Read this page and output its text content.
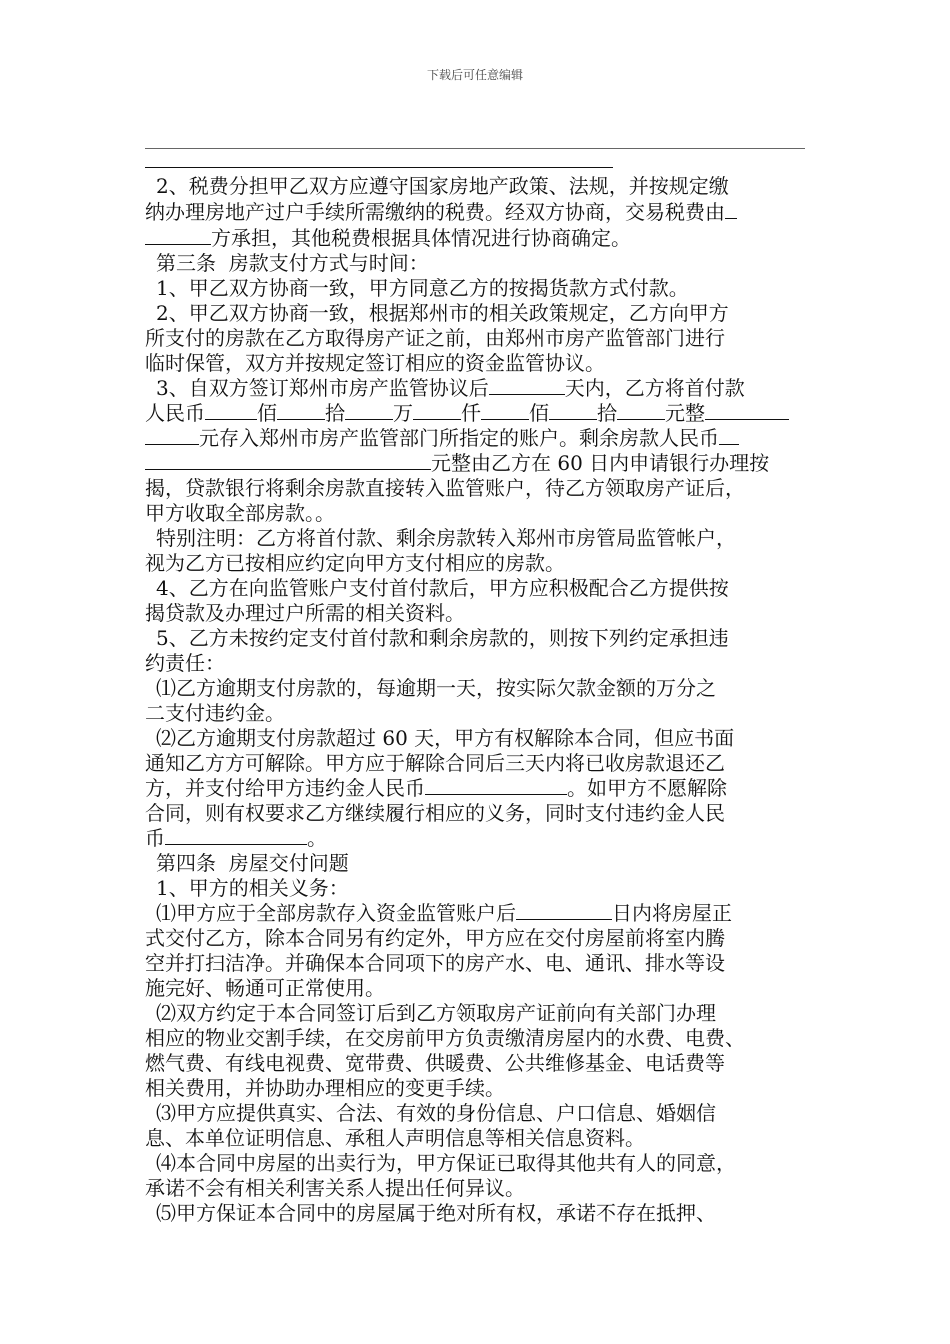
下载后可任意编辑
2、税费分担甲乙双方应遵守国家房地产政策、法规，并按规定缴
纳办理房地产过户手续所需缴纳的税费。经双方协商，交易税费由
方承担，其他税费根据具体情况进行协商确定。
第三条  房款支付方式与时间：
1、甲乙双方协商一致，甲方同意乙方的按揭货款方式付款。
2、甲乙双方协商一致，根据郑州市的相关政策规定，乙方向甲方
所支付的房款在乙方取得房产证之前，由郑州市房产监管部门进行
临时保管，双方并按规定签订相应的资金监管协议。
3、自双方签订郑州市房产监管协议后	天内，乙方将首付款
人民币	佰 拾 万 仟 佰 拾 元整
元存入郑州市房产监管部门所指定的账户。剩余房款人民币
元整由乙方在 60 日内申请银行办理按
揭，贷款银行将剩余房款直接转入监管账户，待乙方领取房产证后，
甲方收取全部房款。。
特别注明：乙方将首付款、剩余房款转入郑州市房管局监管帐户，
视为乙方已按相应约定向甲方支付相应的房款。
4、乙方在向监管账户支付首付款后，甲方应积极配合乙方提供按
揭贷款及办理过户所需的相关资料。
5、乙方未按约定支付首付款和剩余房款的，则按下列约定承担违
约责任：
⑴乙方逾期支付房款的，每逾期一天，按实际欠款金额的万分之
二支付违约金。
⑵乙方逾期支付房款超过 60 天，甲方有权解除本合同，但应书面
通知乙方方可解除。甲方应于解除合同后三天内将已收房款退还乙
方，并支付给甲方违约金人民币	。如甲方不愿解除
合同，则有权要求乙方继续履行相应的义务，同时支付违约金人民
币	。
第四条  房屋交付问题
1、甲方的相关义务：
⑴甲方应于全部房款存入资金监管账户后	日内将房屋正
式交付乙方，除本合同另有约定外，甲方应在交付房屋前将室内腾
空并打扫洁净。并确保本合同项下的房产水、电、通讯、排水等设
施完好、畅通可正常使用。
⑵双方约定于本合同签订后到乙方领取房产证前向有关部门办理
相应的物业交割手续，在交房前甲方负责缴清房屋内的水费、电费、
燃气费、有线电视费、宽带费、供暖费、公共维修基金、电话费等
相关费用，并协助办理相应的变更手续。
⑶甲方应提供真实、合法、有效的身份信息、户口信息、婚姻信
息、本单位证明信息、承租人声明信息等相关信息资料。
⑷本合同中房屋的出卖行为，甲方保证已取得其他共有人的同意，
承诺不会有相关利害关系人提出任何异议。
⑸甲方保证本合同中的房屋属于绝对所有权，承诺不存在抵押、
